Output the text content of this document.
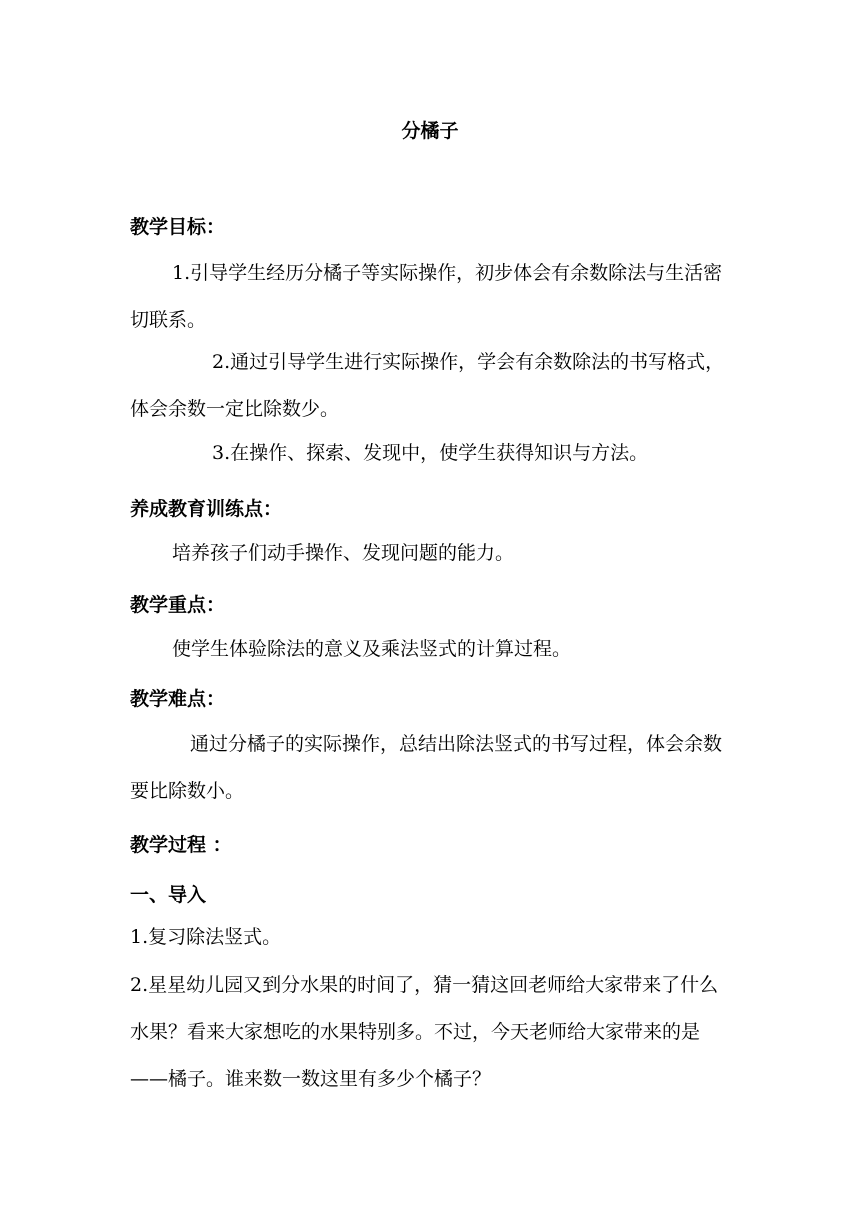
分橘子
教学目标：
1.引导学生经历分橘子等实际操作，初步体会有余数除法与生活密切联系。
2.通过引导学生进行实际操作，学会有余数除法的书写格式，体会余数一定比除数少。
3.在操作、探索、发现中，使学生获得知识与方法。
养成教育训练点：
培养孩子们动手操作、发现问题的能力。
教学重点：
使学生体验除法的意义及乘法竖式的计算过程。
教学难点：
通过分橘子的实际操作，总结出除法竖式的书写过程，体会余数要比除数小。
教学过程 ：
一、导入
1.复习除法竖式。
2.星星幼儿园又到分水果的时间了，猜一猜这回老师给大家带来了什么水果？看来大家想吃的水果特别多。不过，今天老师给大家带来的是——橘子。谁来数一数这里有多少个橘子？
